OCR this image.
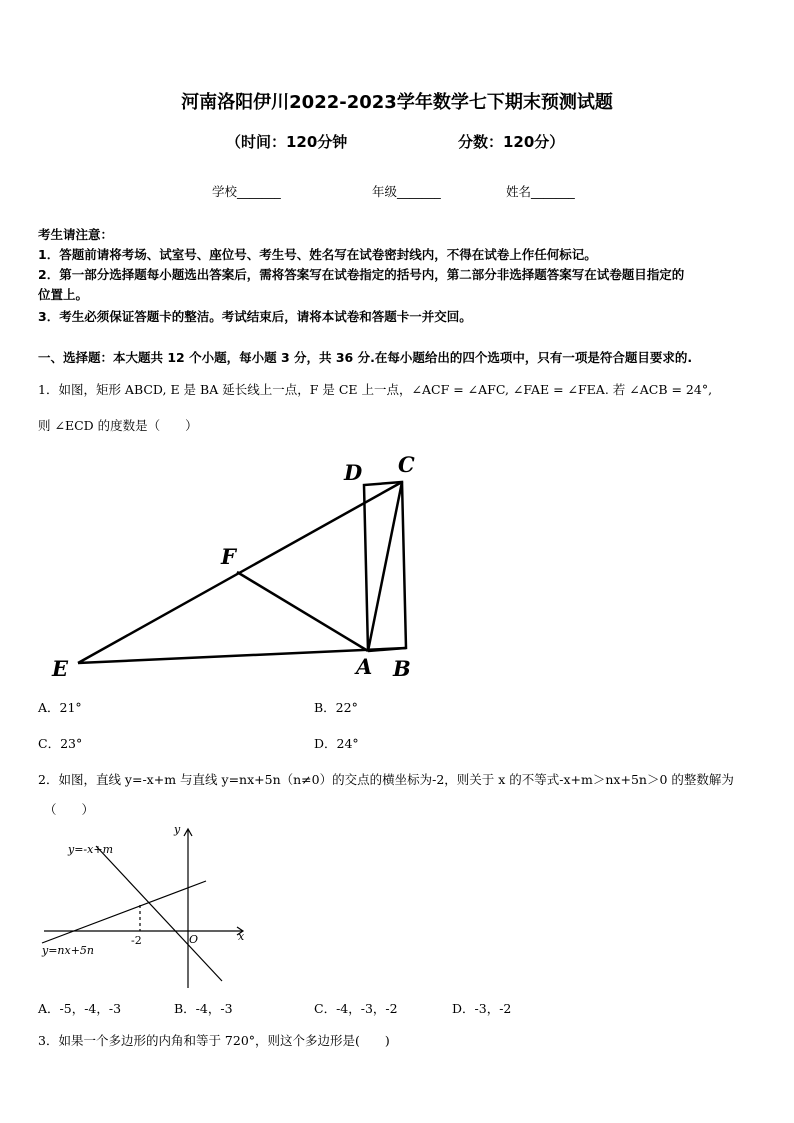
河南洛阳伊川2022-2023学年数学七下期末预测试题
（时间：120分钟	分数：120分）
学校_______	年级_______	姓名_______
考生请注意：
1．答题前请将考场、试室号、座位号、考生号、姓名写在试卷密封线内，不得在试卷上作任何标记。
2．第一部分选择题每小题选出答案后，需将答案写在试卷指定的括号内，第二部分非选择题答案写在试卷题目指定的
位置上。
3．考生必须保证答题卡的整洁。考试结束后，请将本试卷和答题卡一并交回。
一、选择题：本大题共 12 个小题，每小题 3 分，共 36 分.在每小题给出的四个选项中，只有一项是符合题目要求的.
1．如图，矩形 ABCD, E 是 BA 延长线上一点，F 是 CE 上一点，∠ACF = ∠AFC, ∠FAE = ∠FEA. 若 ∠ACB = 24°,
则 ∠ECD 的度数是（　　）
D C
F
E	A B
A．21°	B．22°
C．23°	D．24°
2．如图，直线 y=-x+m 与直线 y=nx+5n（n≠0）的交点的横坐标为-2，则关于 x 的不等式-x+m＞nx+5n＞0 的整数解为
（　　）
y
x
O
-2
y=-x+m
y=nx+5n
A．-5，-4，-3	B．-4，-3	C．-4，-3，-2	D．-3，-2
3．如果一个多边形的内角和等于 720°，则这个多边形是(　　)
